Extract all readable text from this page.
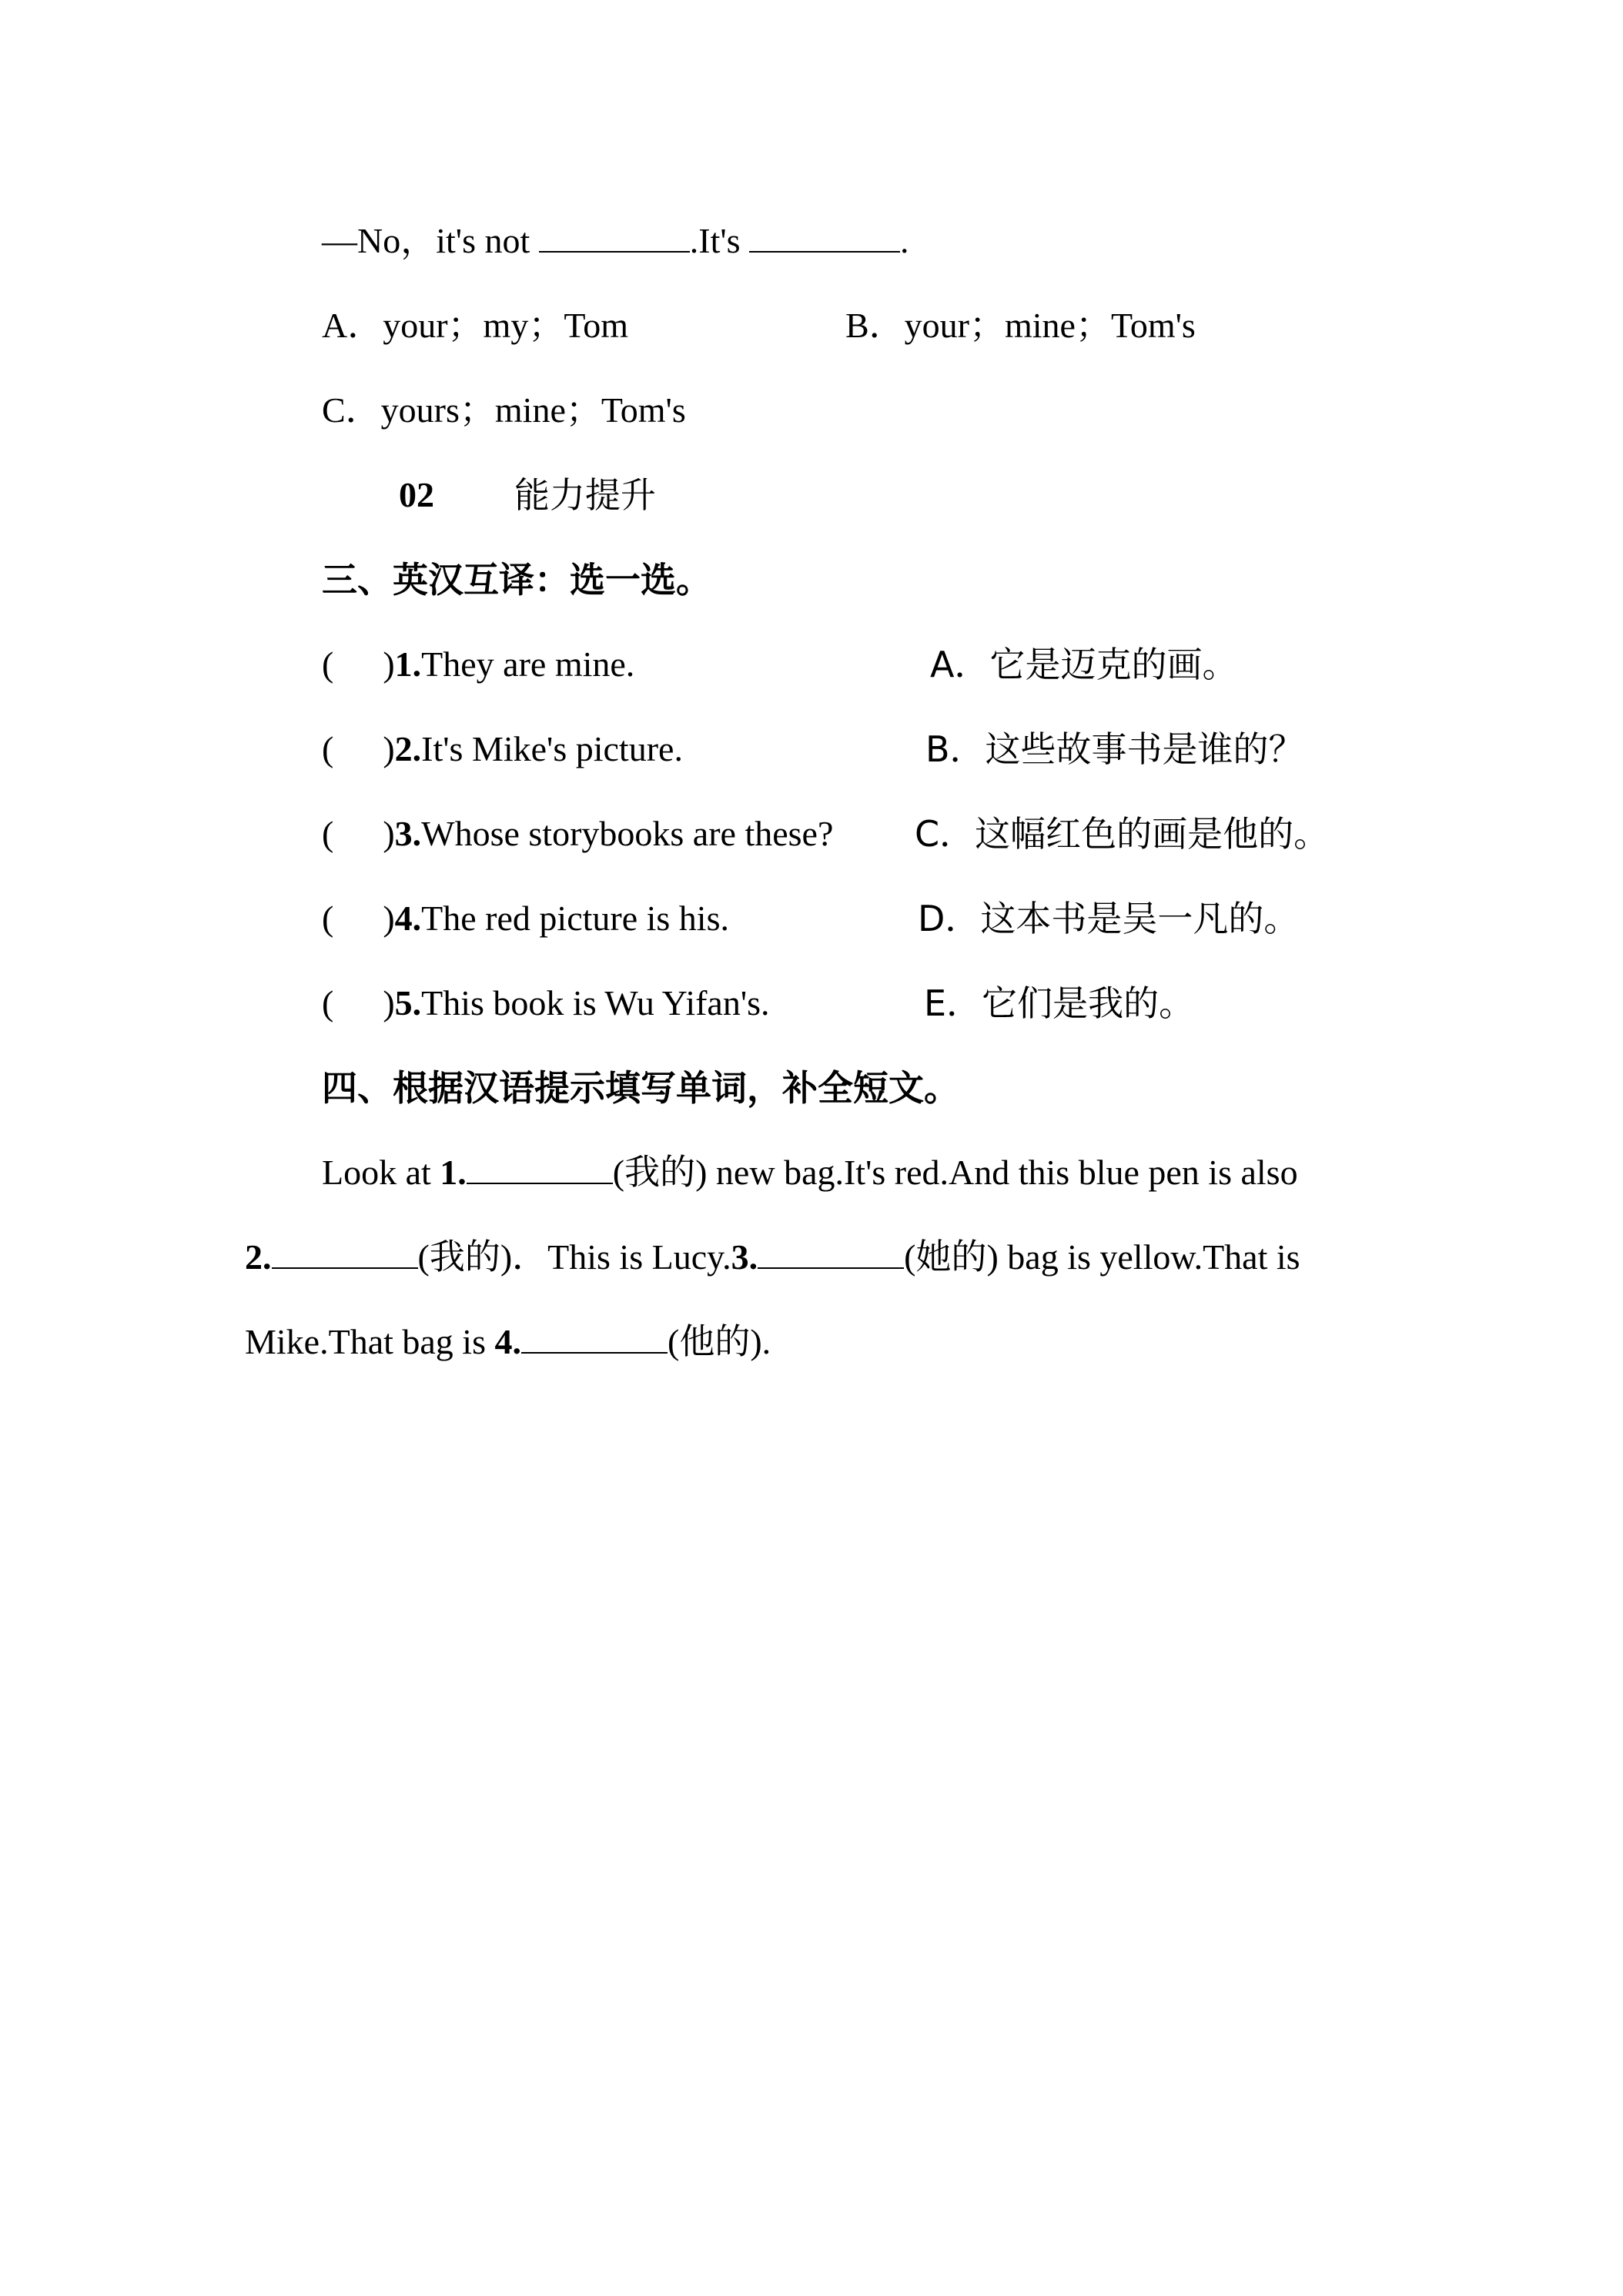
—No，it's not	.It's	.
A．your；my；Tom	B．your；mine；Tom's
C．yours；mine；Tom's
02 能力提升
三、英汉互译：选一选。
( )1.They are mine.	A．它是迈克的画。
( )2.It's Mike's picture.	B．这些故事书是谁的？
( )3.Whose storybooks are these? C．这幅红色的画是他的。
( )4.The red picture is his.	D．这本书是吴一凡的。
( )5.This book is Wu Yifan's.	E．它们是我的。
四、根据汉语提示填写单词，补全短文。
Look at 1.	(我的) new bag.It's red.And this blue pen is also
2.	(我的)．This is Lucy.3.	(她的) bag is yellow.That is
Mike.That bag is 4.	(他的).
